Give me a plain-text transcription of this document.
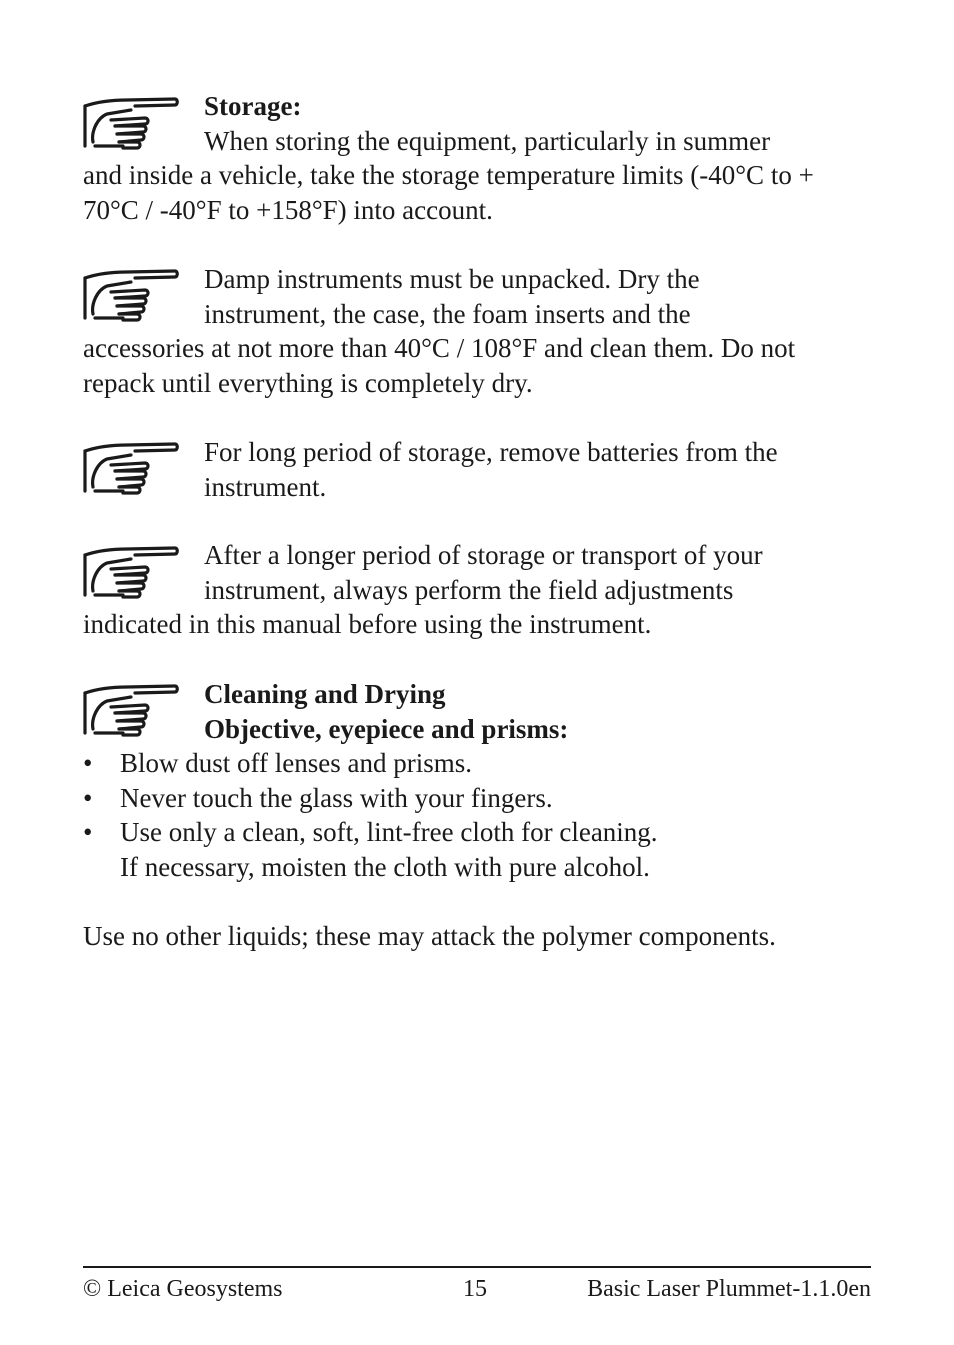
Storage:

When storing the equipment, particularly in summer

and inside a vehicle, take the storage temperature limits (-40°C to + 70°C / -40°F to +158°F) into account.

Damp instruments must be unpacked. Dry the

instrument, the case, the foam inserts and the

accessories at not more than 40°C / 108°F and clean them. Do not repack until everything is completely dry.

For long period of storage, remove batteries from the

instrument.

After a longer period of storage or transport of your

instrument, always perform the field adjustments

indicated in this manual before using the instrument.

Cleaning and Drying

Objective, eyepiece and prisms:

• Blow dust off lenses and prisms.
• Never touch the glass with your fingers.
• Use only a clean, soft, lint-free cloth for cleaning.
If necessary, moisten the cloth with pure alcohol.

Use no other liquids; these may attack the polymer components.

© Leica Geosystems	15	Basic Laser Plummet-1.1.0en
